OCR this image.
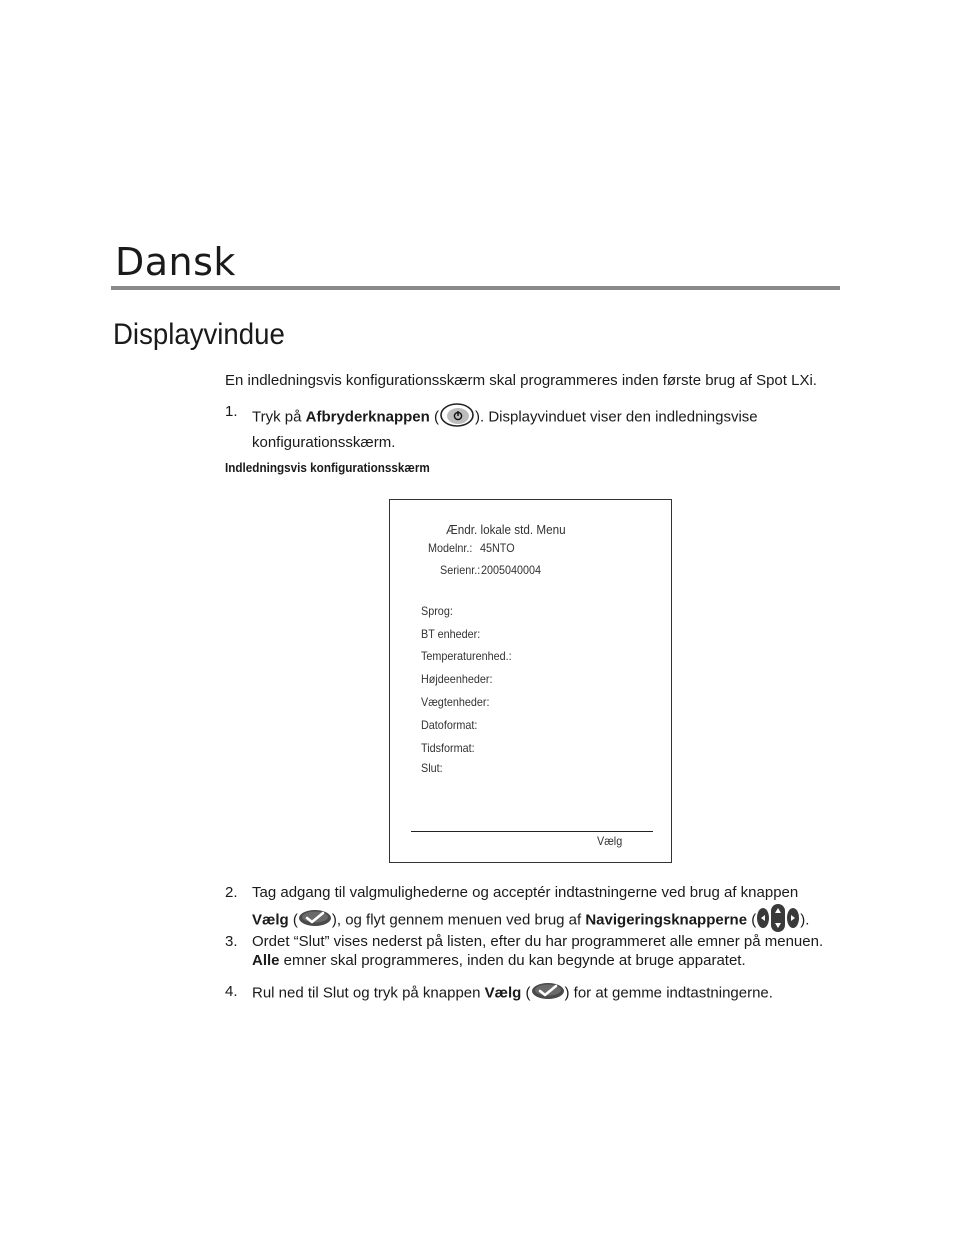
Dansk
Displayvindue
En indledningsvis konfigurationsskærm skal programmeres inden første brug af Spot LXi.
1. Tryk på Afbryderknappen ( ). Displayvinduet viser den indledningsvise konfigurationsskærm.
Indledningsvis konfigurationsskærm
Ændr. lokale std. Menu
Modelnr.: 45NTO
Serienr.: 2005040004
Sprog:
BT enheder:
Temperaturenhed.:
Højdeenheder:
Vægtenheder:
Datoformat:
Tidsformat:
Slut:
Vælg
2. Tag adgang til valgmulighederne og acceptér indtastningerne ved brug af knappen
Vælg ( ), og flyt gennem menuen ved brug af Navigeringsknapperne (	).
3. Ordet “Slut” vises nederst på listen, efter du har programmeret alle emner på menuen.
Alle emner skal programmeres, inden du kan begynde at bruge apparatet.
4. Rul ned til Slut og tryk på knappen Vælg ( ) for at gemme indtastningerne.
